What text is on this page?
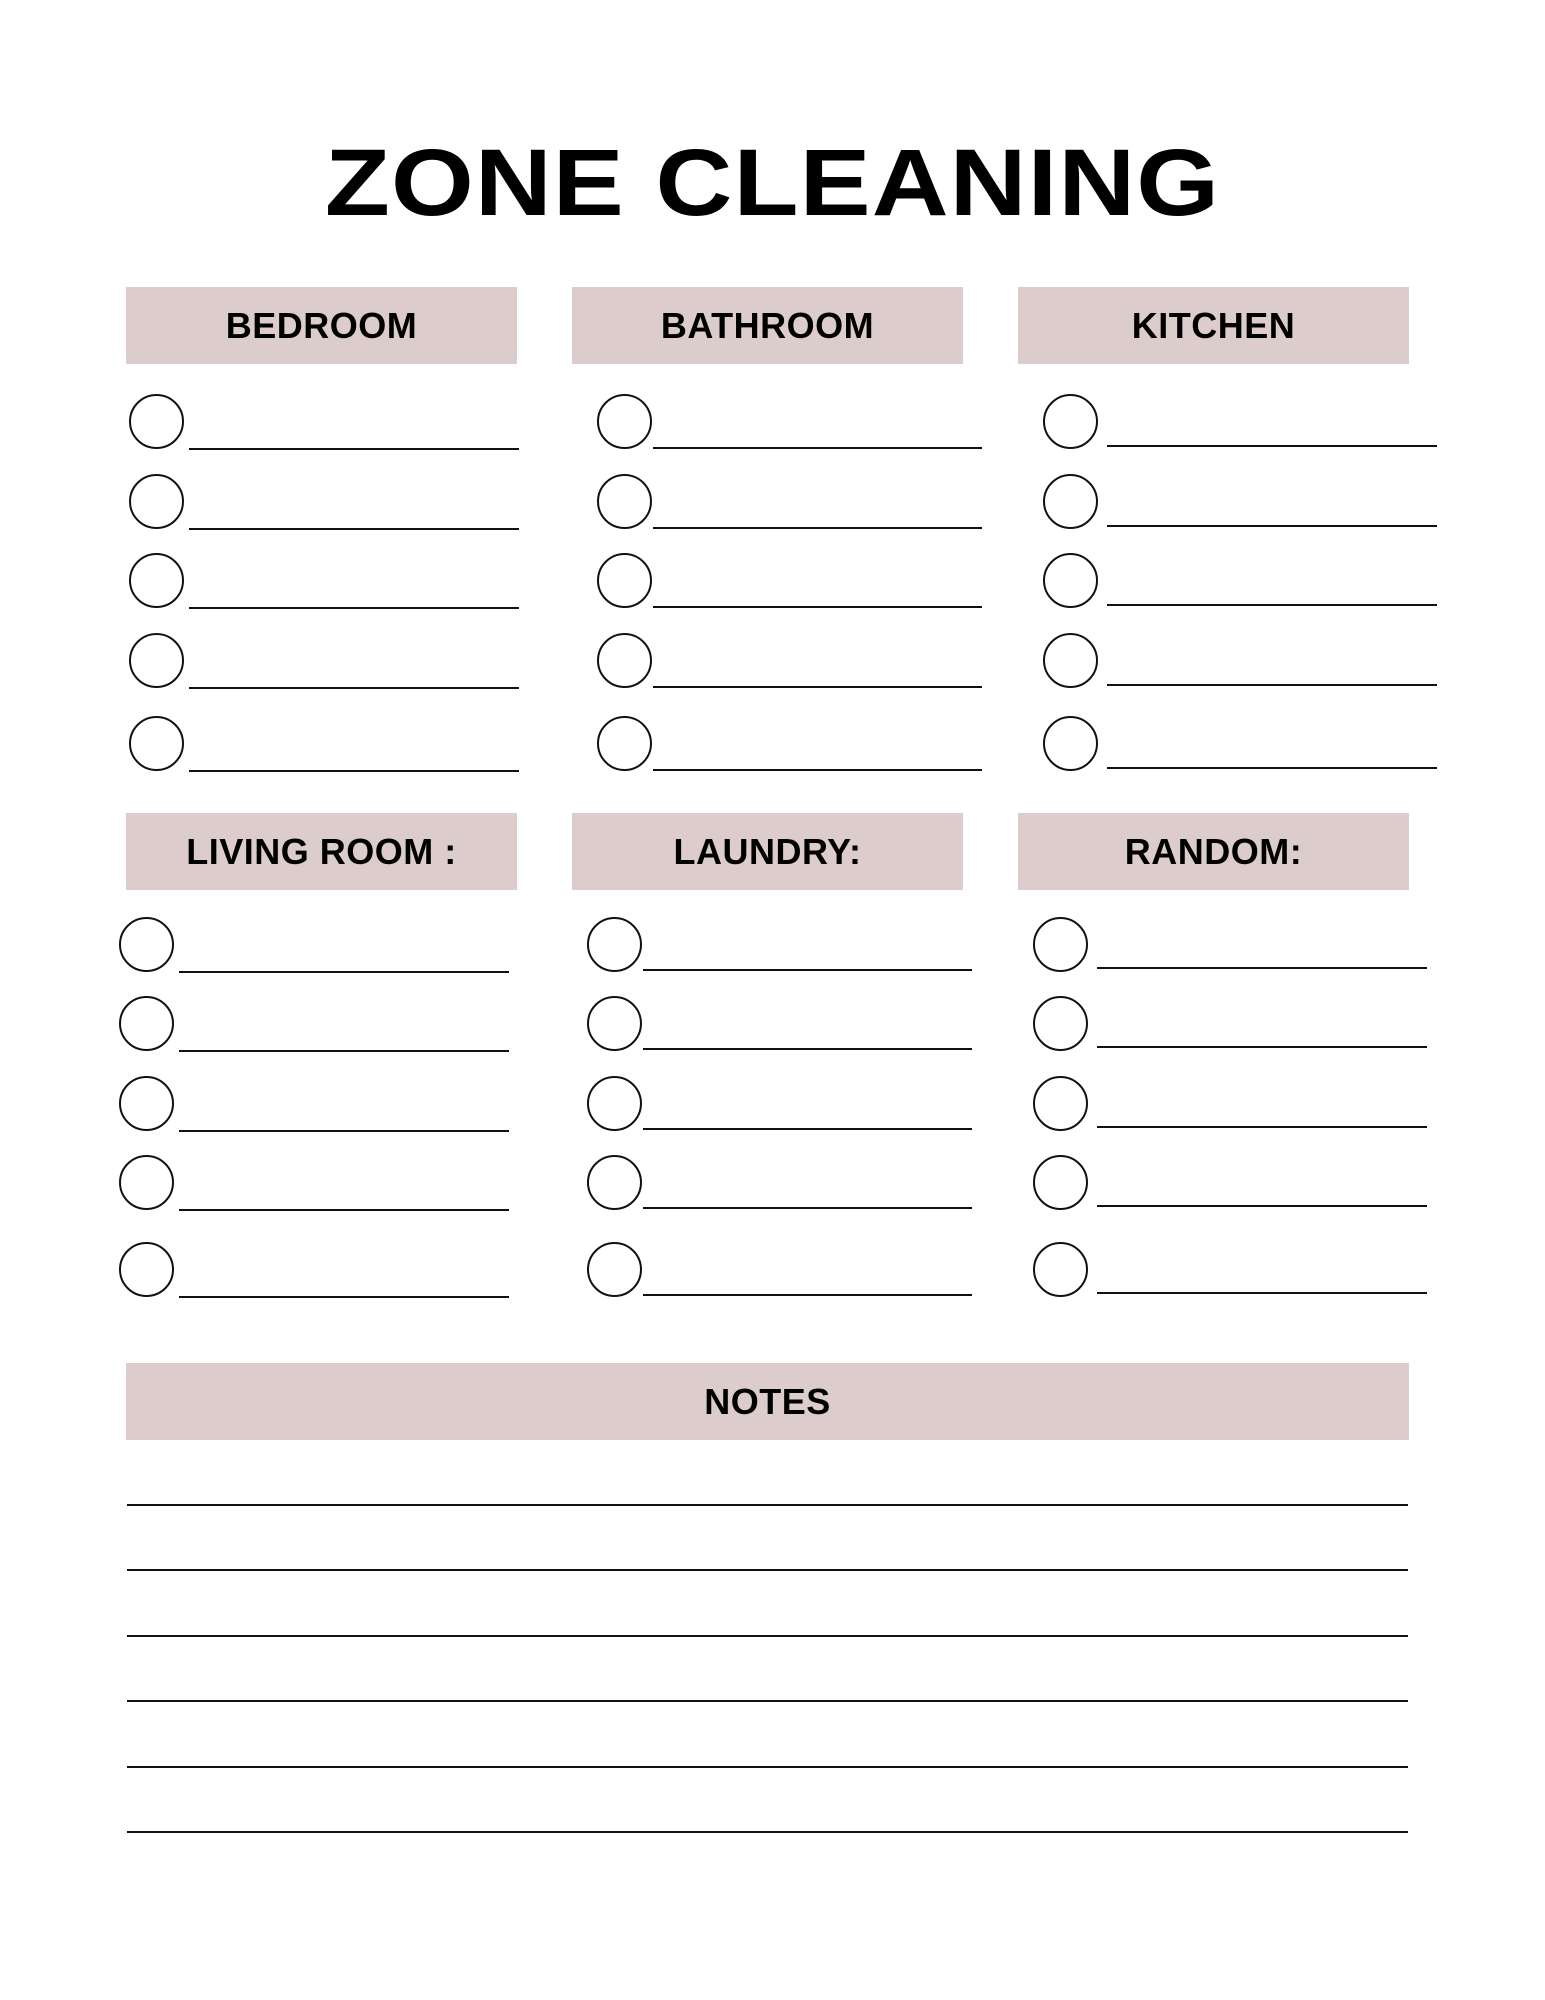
ZONE CLEANING
BEDROOM	BATHROOM	KITCHEN
LIVING ROOM :	LAUNDRY:	RANDOM:
NOTES
